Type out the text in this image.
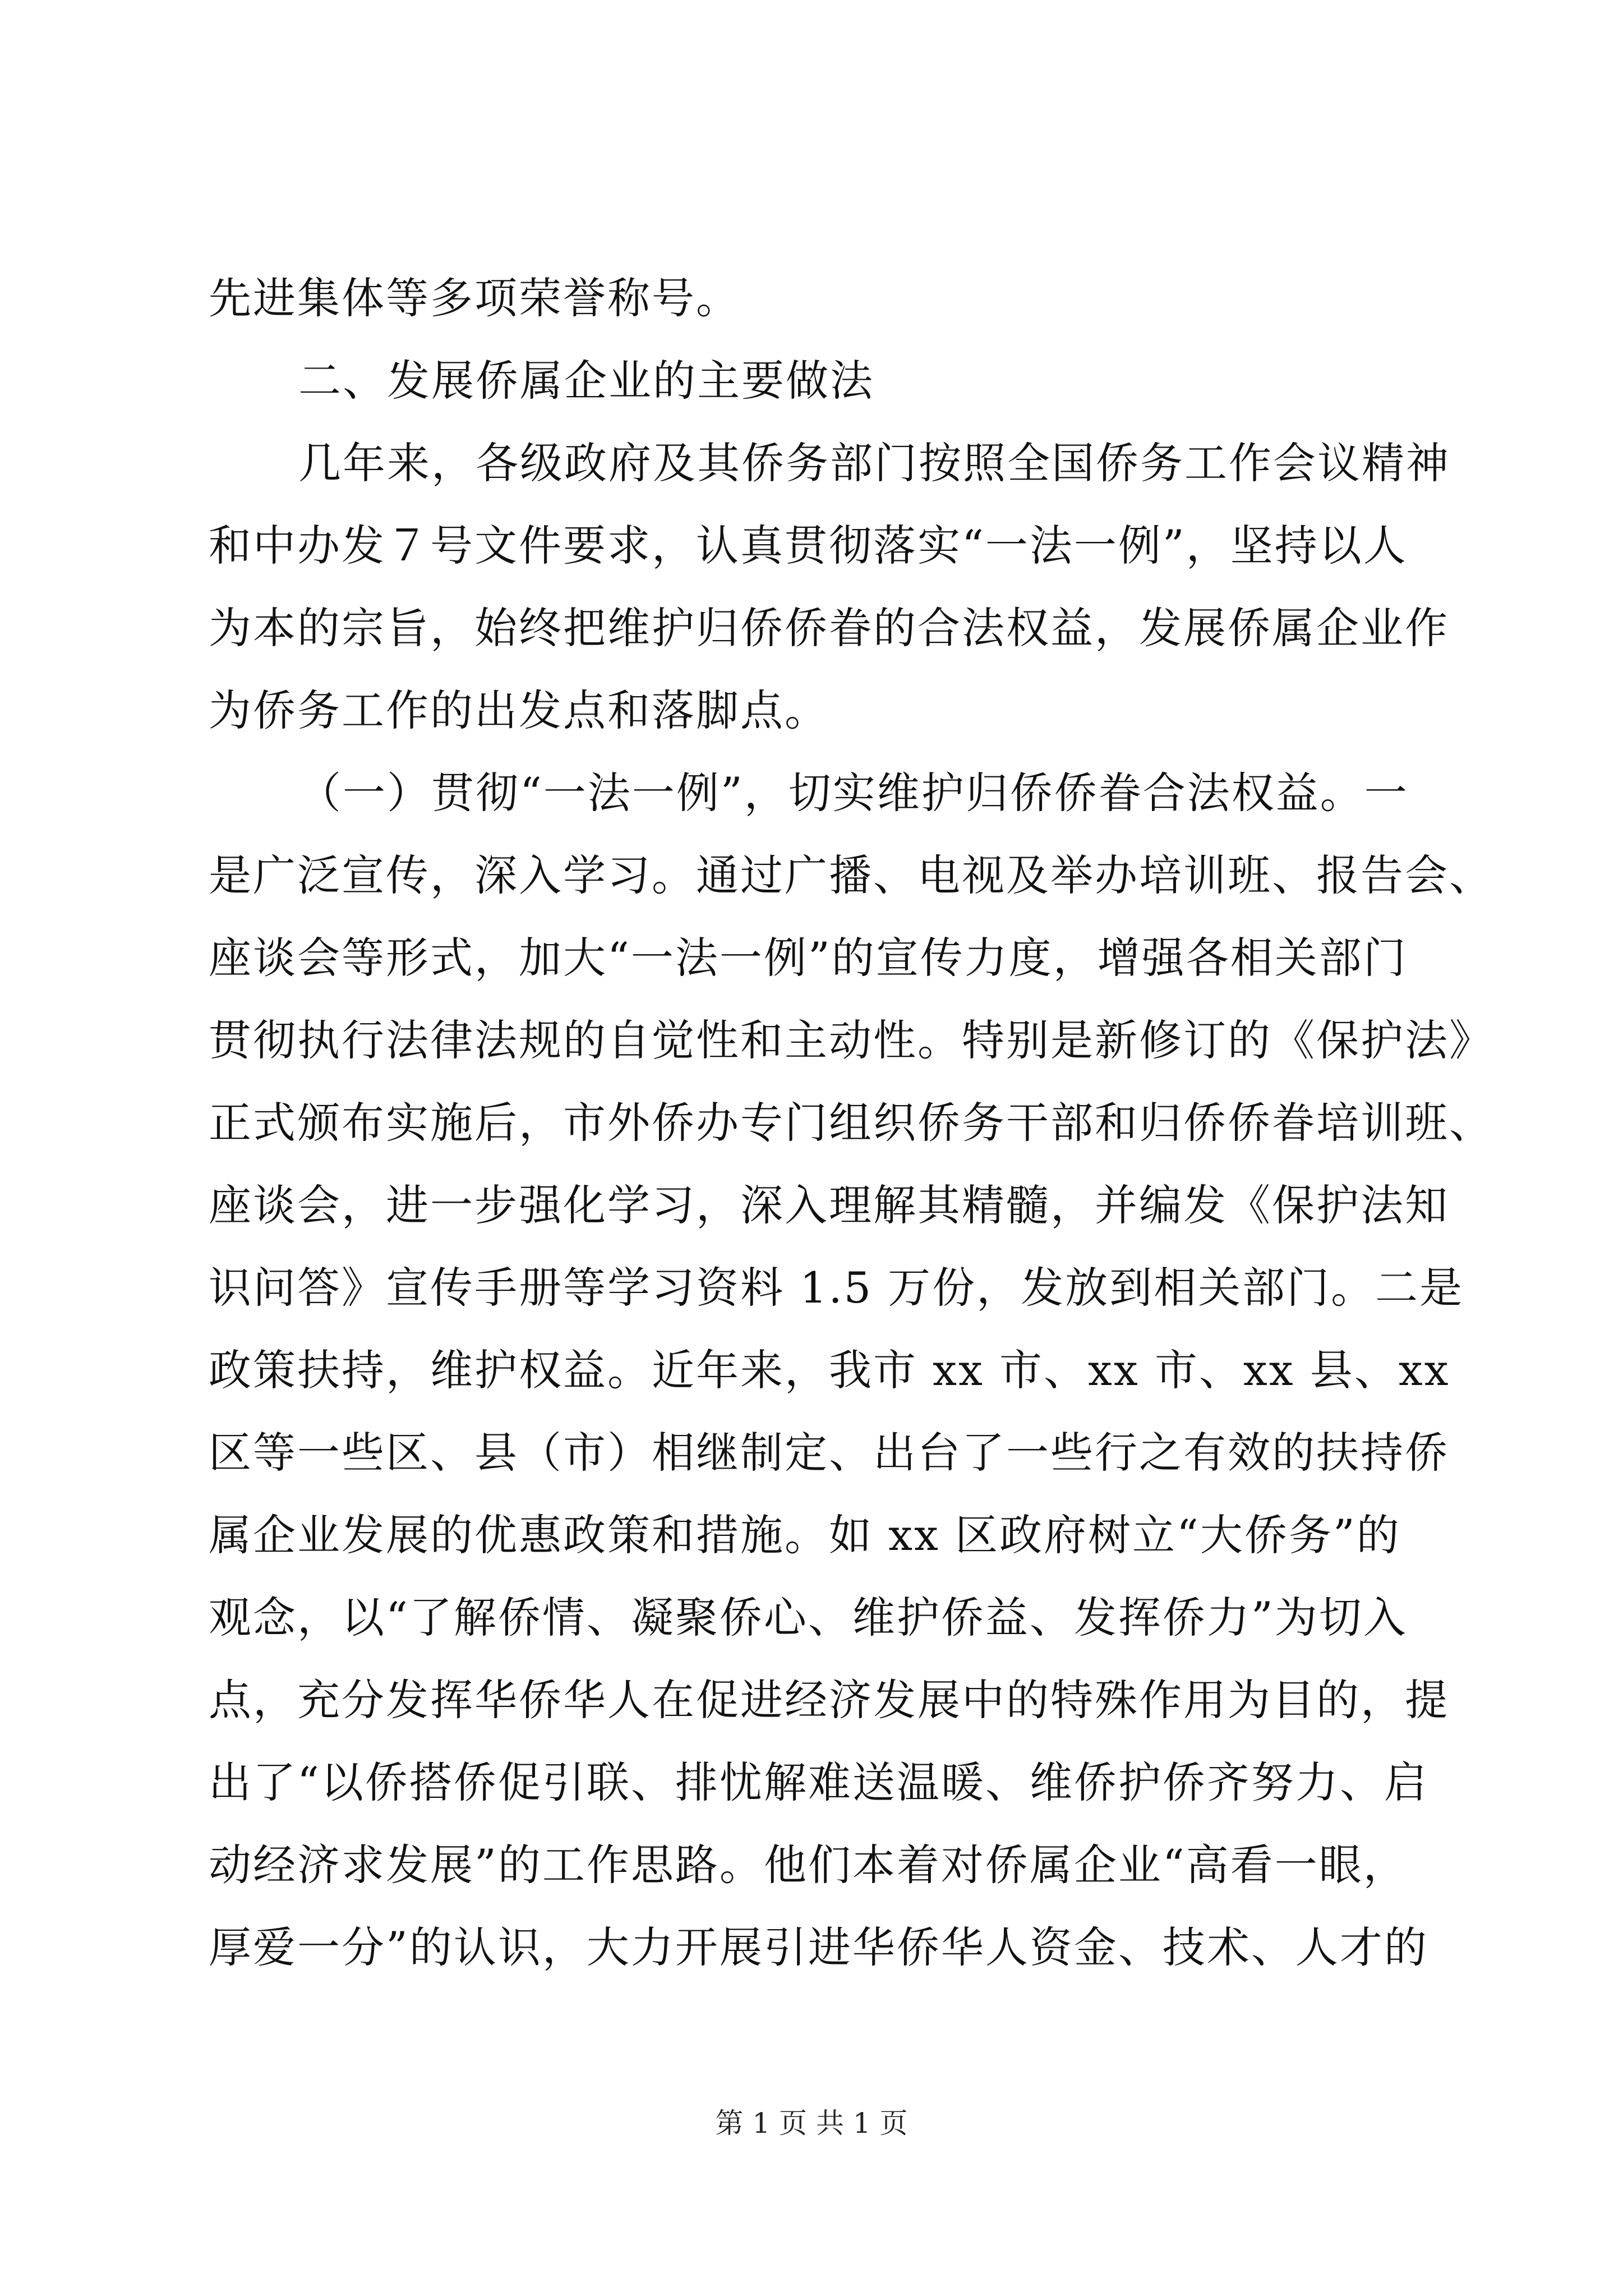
先进集体等多项荣誉称号。
二、发展侨属企业的主要做法
几年来，各级政府及其侨务部门按照全国侨务工作会议精神
和中办发７号文件要求，认真贯彻落实“一法一例”，坚持以人
为本的宗旨，始终把维护归侨侨眷的合法权益，发展侨属企业作
为侨务工作的出发点和落脚点。
（一）贯彻“一法一例”，切实维护归侨侨眷合法权益。一
是广泛宣传，深入学习。通过广播、电视及举办培训班、报告会、
座谈会等形式，加大“一法一例”的宣传力度，增强各相关部门
贯彻执行法律法规的自觉性和主动性。特别是新修订的《保护法》
正式颁布实施后，市外侨办专门组织侨务干部和归侨侨眷培训班、
座谈会，进一步强化学习，深入理解其精髓，并编发《保护法知
识问答》宣传手册等学习资料 1.5 万份，发放到相关部门。二是
政策扶持，维护权益。近年来，我市 xx 市、xx 市、xx 县、xx
区等一些区、县（市）相继制定、出台了一些行之有效的扶持侨
属企业发展的优惠政策和措施。如 xx 区政府树立“大侨务”的
观念，以“了解侨情、凝聚侨心、维护侨益、发挥侨力”为切入
点，充分发挥华侨华人在促进经济发展中的特殊作用为目的，提
出了“以侨搭侨促引联、排忧解难送温暖、维侨护侨齐努力、启
动经济求发展”的工作思路。他们本着对侨属企业“高看一眼，
厚爱一分”的认识，大力开展引进华侨华人资金、技术、人才的
第 1 页 共 1 页
